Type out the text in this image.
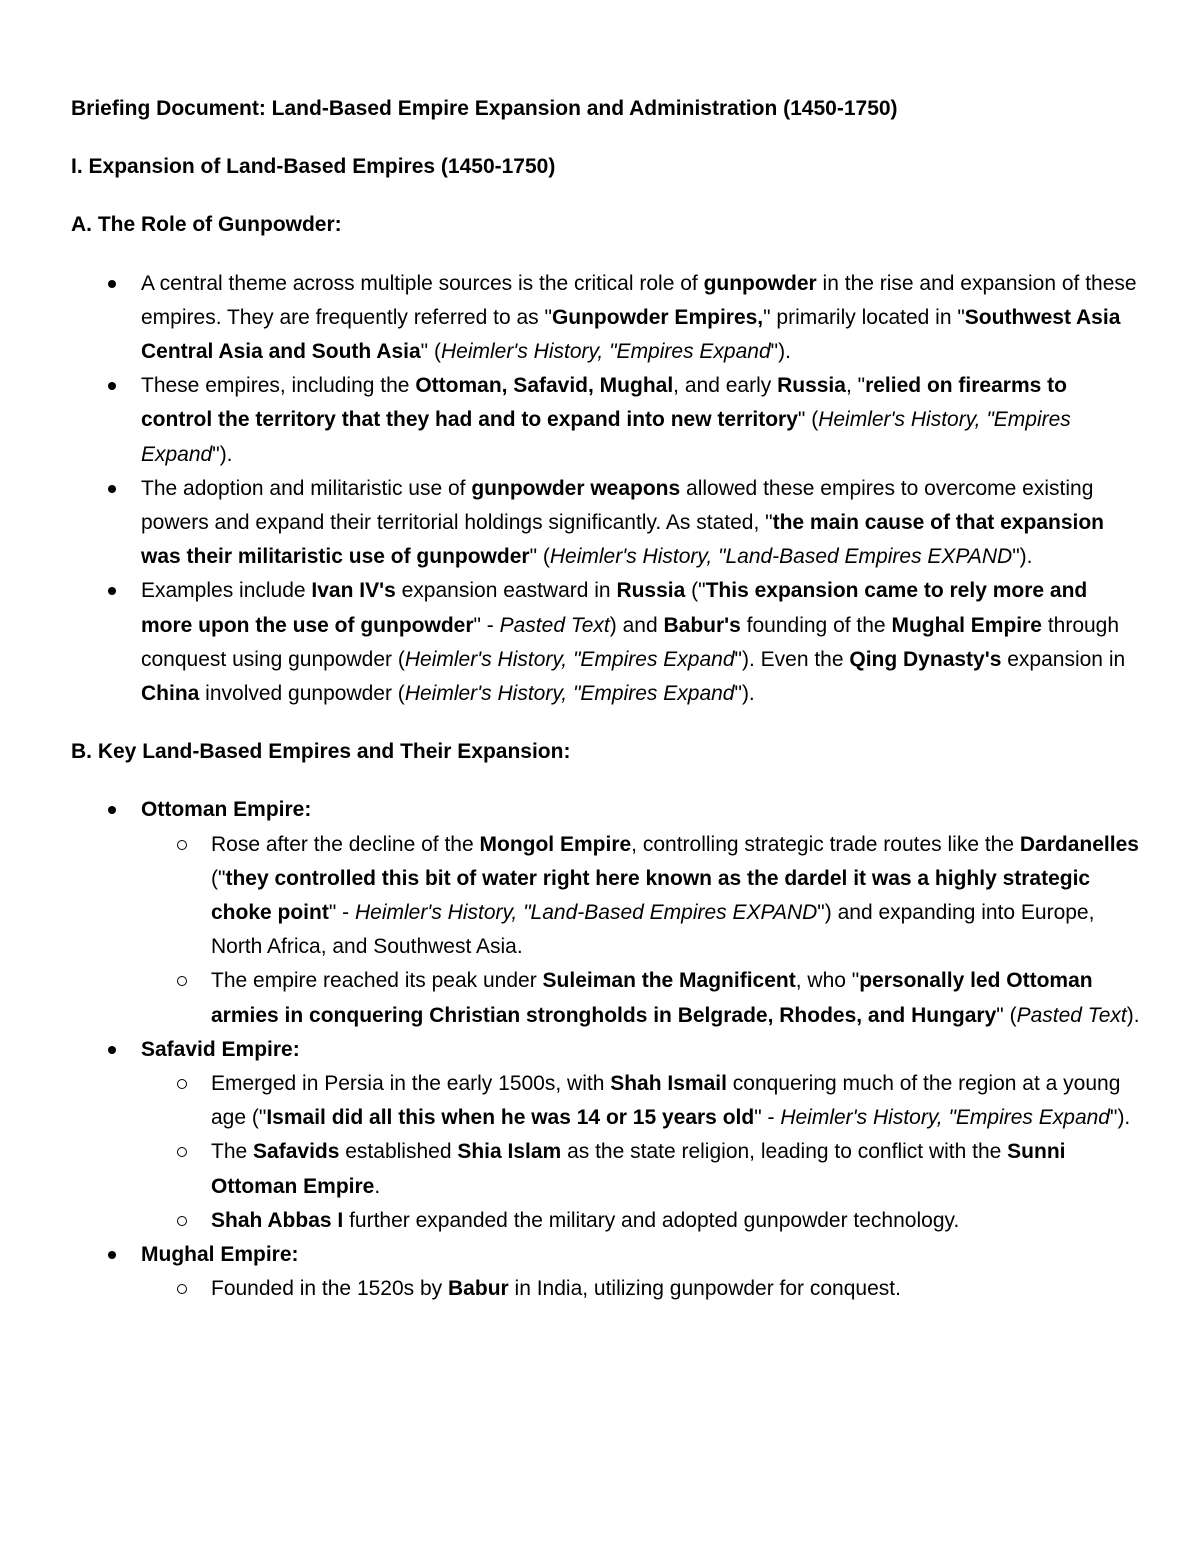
Briefing Document: Land-Based Empire Expansion and Administration (1450-1750)

I. Expansion of Land-Based Empires (1450-1750)

A. The Role of Gunpowder:

A central theme across multiple sources is the critical role of gunpowder in the rise and expansion of these empires. They are frequently referred to as "Gunpowder Empires," primarily located in "Southwest Asia Central Asia and South Asia" (Heimler's History, "Empires Expand").
These empires, including the Ottoman, Safavid, Mughal, and early Russia, "relied on firearms to control the territory that they had and to expand into new territory" (Heimler's History, "Empires Expand").
The adoption and militaristic use of gunpowder weapons allowed these empires to overcome existing powers and expand their territorial holdings significantly. As stated, "the main cause of that expansion was their militaristic use of gunpowder" (Heimler's History, "Land-Based Empires EXPAND").
Examples include Ivan IV's expansion eastward in Russia ("This expansion came to rely more and more upon the use of gunpowder" - Pasted Text) and Babur's founding of the Mughal Empire through conquest using gunpowder (Heimler's History, "Empires Expand"). Even the Qing Dynasty's expansion in China involved gunpowder (Heimler's History, "Empires Expand").

B. Key Land-Based Empires and Their Expansion:

Ottoman Empire:
Rose after the decline of the Mongol Empire, controlling strategic trade routes like the Dardanelles ("they controlled this bit of water right here known as the dardel it was a highly strategic choke point" - Heimler's History, "Land-Based Empires EXPAND") and expanding into Europe, North Africa, and Southwest Asia.
The empire reached its peak under Suleiman the Magnificent, who "personally led Ottoman armies in conquering Christian strongholds in Belgrade, Rhodes, and Hungary" (Pasted Text).
Safavid Empire:
Emerged in Persia in the early 1500s, with Shah Ismail conquering much of the region at a young age ("Ismail did all this when he was 14 or 15 years old" - Heimler's History, "Empires Expand").
The Safavids established Shia Islam as the state religion, leading to conflict with the Sunni Ottoman Empire.
Shah Abbas I further expanded the military and adopted gunpowder technology.
Mughal Empire:
Founded in the 1520s by Babur in India, utilizing gunpowder for conquest.
